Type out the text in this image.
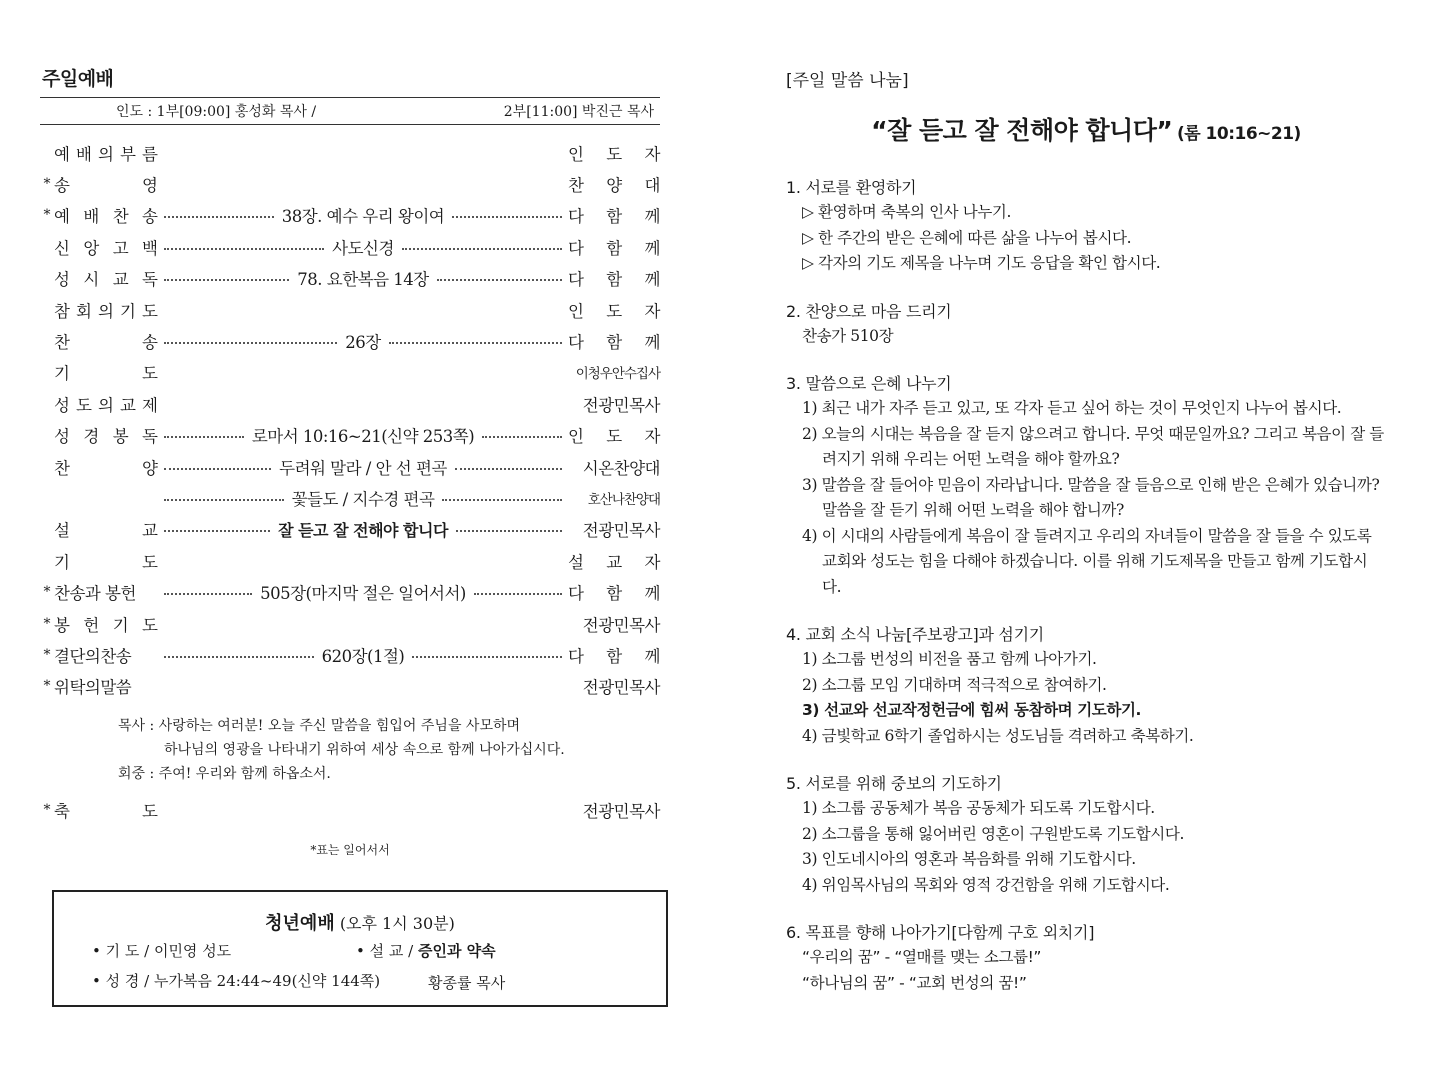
주일예배
인도 : 1부[09:00] 홍성화 목사 /	2부[11:00] 박진근 목사
예 배 의 부 름	인 도 자
* 송	영	찬 양 대
* 예 배 찬 송	38장. 예수 우리 왕이여	다 함 께
신 앙 고 백	사도신경	다 함 께
성 시 교 독	78. 요한복음 14장	다 함 께
참 회 의 기 도	인 도 자
찬	송	26장	다 함 께
기	도	이청우안수집사
성 도 의 교 제	전광민목사
성 경 봉 독	로마서 10:16~21(신약 253쪽)	인 도 자
찬	양	두려워 말라 / 안 선 편곡	시온찬양대
꽃들도 / 지수경 편곡	호산나찬양대
설	교	잘 듣고 잘 전해야 합니다	전광민목사
기	도	설 교 자
* 찬송과 봉헌	505장(마지막 절은 일어서서)	다 함 께
* 봉 헌 기 도	전광민목사
* 결단의찬송	620장(1절)	다 함 께
* 위탁의말씀	전광민목사
목사 : 사랑하는 여러분! 오늘 주신 말씀을 힘입어 주님을 사모하며
하나님의 영광을 나타내기 위하여 세상 속으로 함께 나아가십시다.
회중 : 주여! 우리와 함께 하옵소서.
* 축	도	전광민목사
*표는 일어서서
청년예배 (오후 1시 30분)
• 기 도 / 이민영 성도	• 설 교 / 증인과 약속
• 성 경 / 누가복음 24:44~49(신약 144쪽)	황종률 목사
[주일 말씀 나눔]
“잘 듣고 잘 전해야 합니다” (롬 10:16~21)
1. 서로를 환영하기
▷ 환영하며 축복의 인사 나누기.
▷ 한 주간의 받은 은혜에 따른 삶을 나누어 봅시다.
▷ 각자의 기도 제목을 나누며 기도 응답을 확인 합시다.
2. 찬양으로 마음 드리기
찬송가 510장
3. 말씀으로 은혜 나누기
1) 최근 내가 자주 듣고 있고, 또 각자 듣고 싶어 하는 것이 무엇인지 나누어 봅시다.
2) 오늘의 시대는 복음을 잘 듣지 않으려고 합니다. 무엇 때문일까요? 그리고 복음이 잘 들려지기 위해 우리는 어떤 노력을 해야 할까요?
3) 말씀을 잘 들어야 믿음이 자라납니다. 말씀을 잘 들음으로 인해 받은 은혜가 있습니까? 말씀을 잘 듣기 위해 어떤 노력을 해야 합니까?
4) 이 시대의 사람들에게 복음이 잘 들려지고 우리의 자녀들이 말씀을 잘 들을 수 있도록 교회와 성도는 힘을 다해야 하겠습니다. 이를 위해 기도제목을 만들고 함께 기도합시다.
4. 교회 소식 나눔[주보광고]과 섬기기
1) 소그룹 번성의 비전을 품고 함께 나아가기.
2) 소그룹 모임 기대하며 적극적으로 참여하기.
3) 선교와 선교작정헌금에 힘써 동참하며 기도하기.
4) 금빛학교 6학기 졸업하시는 성도님들 격려하고 축복하기.
5. 서로를 위해 중보의 기도하기
1) 소그룹 공동체가 복음 공동체가 되도록 기도합시다.
2) 소그룹을 통해 잃어버린 영혼이 구원받도록 기도합시다.
3) 인도네시아의 영혼과 복음화를 위해 기도합시다.
4) 위임목사님의 목회와 영적 강건함을 위해 기도합시다.
6. 목표를 향해 나아가기[다함께 구호 외치기]
“우리의 꿈” - “열매를 맺는 소그룹!”
“하나님의 꿈” - “교회 번성의 꿈!”
